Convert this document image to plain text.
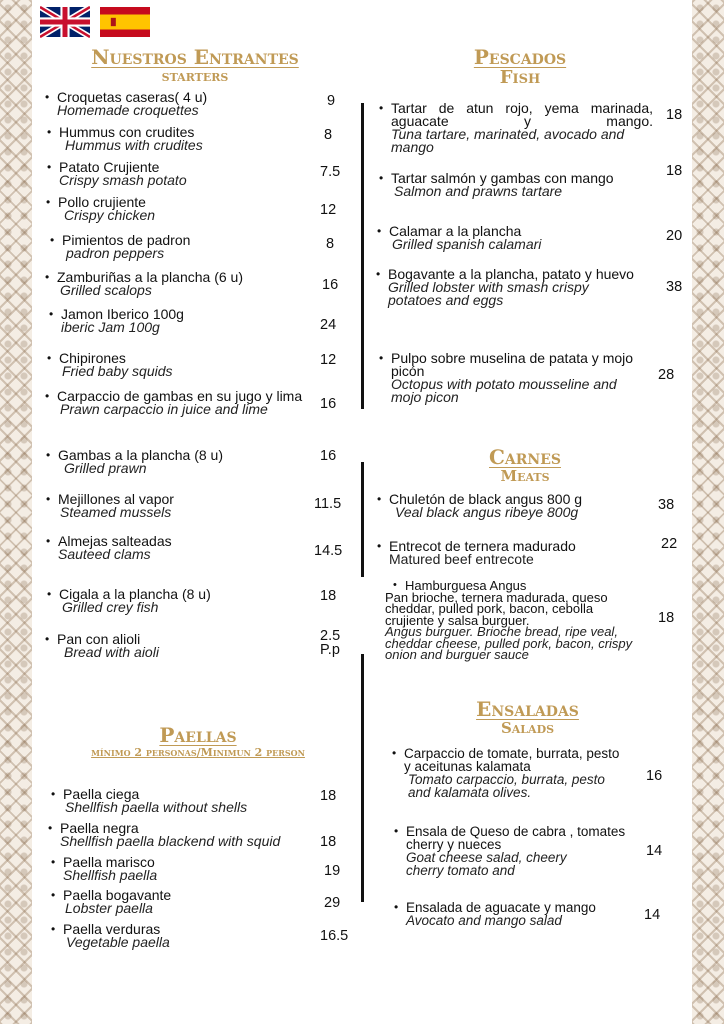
Nuestros Entrantes
starters
• Croquetas caseras( 4 u)
Homemade croquettes
9
• Hummus con crudites
Hummus with crudites
8
• Patato Crujiente
Crispy smash potato	7.5
• Pollo crujiente
Crispy chicken	12
• Pimientos de padron
padron peppers
8
• Zamburiñas a la plancha (6 u)
Grilled scalops	16
• Jamon Iberico 100g
iberic Jam 100g	24
• Chipirones
Fried baby squids
12
• Carpaccio de gambas en su jugo y lima
Prawn carpaccio in juice and lime	16
• Gambas a la plancha (8 u)
Grilled prawn
16
• Mejillones al vapor
Steamed mussels	11.5
• Almejas salteadas
Sauteed clams	14.5
• Cigala a la plancha (8 u)
Grilled crey fish
18
• Pan con alioli
Bread with aioli
2.5
P.p
Paellas
mínimo 2 personas/Minimun 2 person
• Paella ciega
Shellfish paella without shells
18
• Paella negra
Shellfish paella blackend with squid	18
• Paella marisco
Shellfish paella	19
• Paella bogavante
Lobster paella	29
• Paella verduras
Vegetable paella	16.5
Pescados
Fish
• Tartar de atun rojo, yema marinada, aguacate y mango.
Tuna tartare, marinated, avocado and mango
18
• Tartar salmón y gambas con mango
Salmon and prawns tartare
18
• Calamar a la plancha
Grilled spanish calamari	20
• Bogavante a la plancha, patato y huevo
Grilled lobster with smash crispy potatoes and eggs
38
• Pulpo sobre muselina de patata y mojo picón
Octopus with potato mousseline and mojo picon
28
Carnes
Meats
• Chuletón de black angus 800 g
Veal black angus ribeye 800g	38
• Entrecot de ternera madurado
Matured beef entrecote
22
• Hamburguesa Angus
Pan brioche, ternera madurada, queso cheddar, pulled pork, bacon, cebolla crujiente y salsa burguer.
Angus burguer. Brioche bread, ripe veal, cheddar cheese, pulled pork, bacon, crispy onion and burguer sauce
18
Ensaladas
Salads
• Carpaccio de tomate, burrata, pesto y aceitunas kalamata
Tomato carpaccio, burrata, pesto and kalamata olives.
16
• Ensala de Queso de cabra , tomates cherry y nueces
Goat cheese salad, cheery cherry tomato and
14
• Ensalada de aguacate y mango
Avocato and mango salad	14
